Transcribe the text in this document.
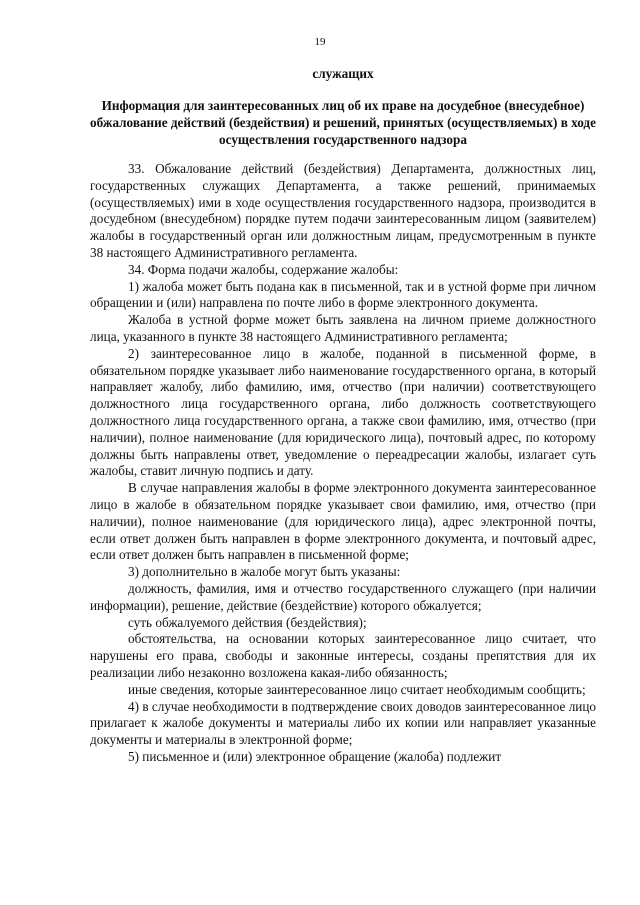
19
служащих
Информация для заинтересованных лиц об их праве на досудебное (внесудебное) обжалование действий (бездействия) и решений, принятых (осуществляемых) в ходе осуществления государственного надзора

33. Обжалование действий (бездействия) Департамента, должностных лиц, государственных служащих Департамента, а также решений, принимаемых (осуществляемых) ими в ходе осуществления государственного надзора, производится в досудебном (внесудебном) порядке путем подачи заинтересованным лицом (заявителем) жалобы в государственный орган или должностным лицам, предусмотренным в пункте 38 настоящего Административного регламента.

34. Форма подачи жалобы, содержание жалобы:

1) жалоба может быть подана как в письменной, так и в устной форме при личном обращении и (или) направлена по почте либо в форме электронного документа.

Жалоба в устной форме может быть заявлена на личном приеме должностного лица, указанного в пункте 38 настоящего Административного регламента;

2) заинтересованное лицо в жалобе, поданной в письменной форме, в обязательном порядке указывает либо наименование государственного органа, в который направляет жалобу, либо фамилию, имя, отчество (при наличии) соответствующего должностного лица государственного органа, либо должность соответствующего должностного лица государственного органа, а также свои фамилию, имя, отчество (при наличии), полное наименование (для юридического лица), почтовый адрес, по которому должны быть направлены ответ, уведомление о переадресации жалобы, излагает суть жалобы, ставит личную подпись и дату.

В случае направления жалобы в форме электронного документа заинтересованное лицо в жалобе в обязательном порядке указывает свои фамилию, имя, отчество (при наличии), полное наименование (для юридического лица), адрес электронной почты, если ответ должен быть направлен в форме электронного документа, и почтовый адрес, если ответ должен быть направлен в письменной форме;

3) дополнительно в жалобе могут быть указаны:

должность, фамилия, имя и отчество государственного служащего (при наличии информации), решение, действие (бездействие) которого обжалуется;

суть обжалуемого действия (бездействия);

обстоятельства, на основании которых заинтересованное лицо считает, что нарушены его права, свободы и законные интересы, созданы препятствия для их реализации либо незаконно возложена какая-либо обязанность;

иные сведения, которые заинтересованное лицо считает необходимым сообщить;

4) в случае необходимости в подтверждение своих доводов заинтересованное лицо прилагает к жалобе документы и материалы либо их копии или направляет указанные документы и материалы в электронной форме;

5) письменное и (или) электронное обращение (жалоба) подлежит
